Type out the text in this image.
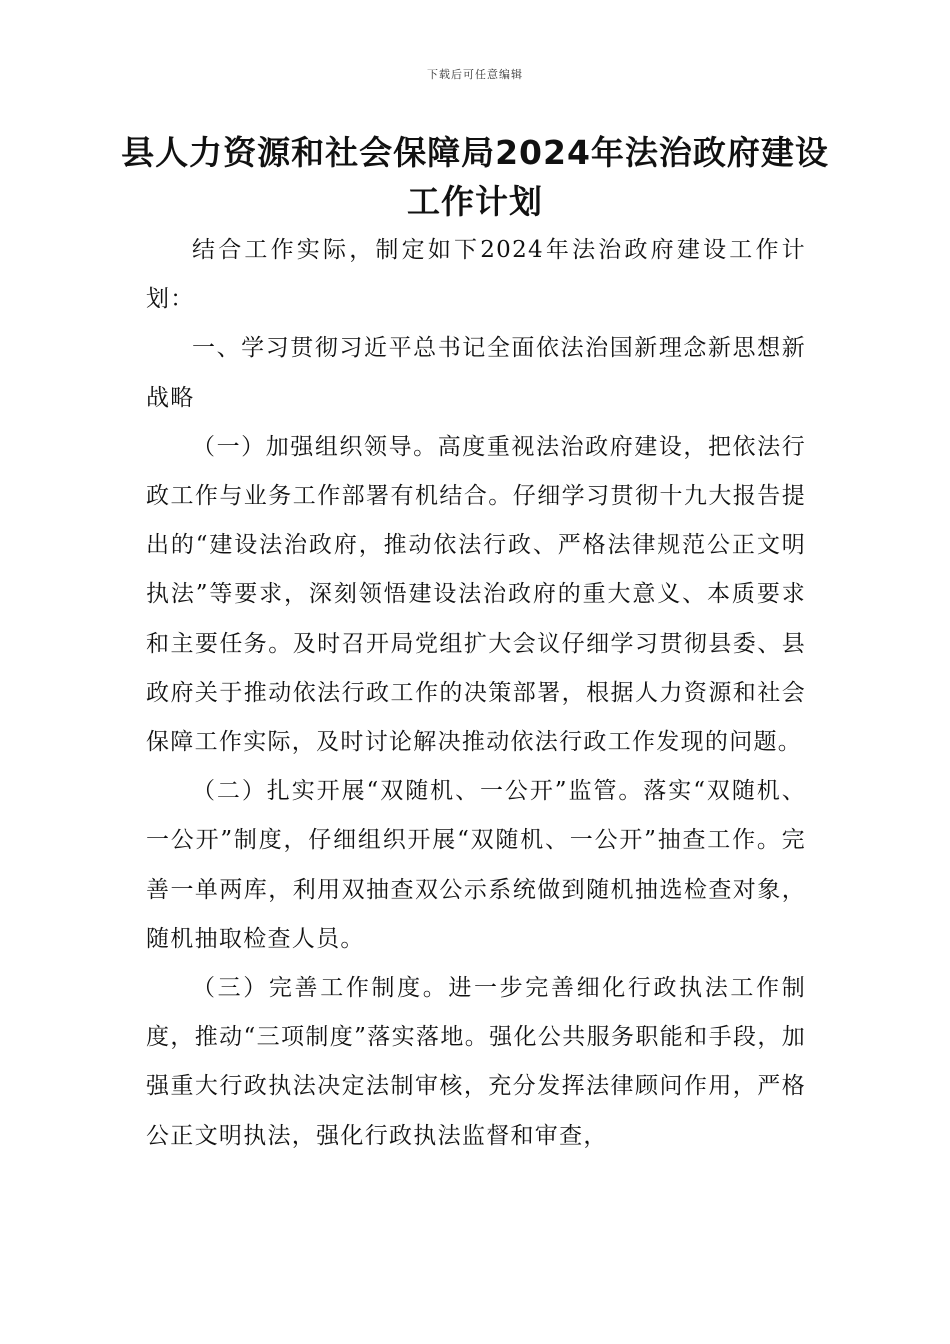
下载后可任意编辑
县人力资源和社会保障局2024年法治政府建设工作计划

结合工作实际，制定如下2024年法治政府建设工作计划：

一、学习贯彻习近平总书记全面依法治国新理念新思想新战略

（一）加强组织领导。高度重视法治政府建设，把依法行政工作与业务工作部署有机结合。仔细学习贯彻十九大报告提出的“建设法治政府，推动依法行政、严格法律规范公正文明执法”等要求，深刻领悟建设法治政府的重大意义、本质要求和主要任务。及时召开局党组扩大会议仔细学习贯彻县委、县政府关于推动依法行政工作的决策部署，根据人力资源和社会保障工作实际，及时讨论解决推动依法行政工作发现的问题。

（二）扎实开展“双随机、一公开”监管。落实“双随机、一公开”制度，仔细组织开展“双随机、一公开”抽查工作。完善一单两库，利用双抽查双公示系统做到随机抽选检查对象，随机抽取检查人员。

（三）完善工作制度。进一步完善细化行政执法工作制度，推动“三项制度”落实落地。强化公共服务职能和手段，加强重大行政执法决定法制审核，充分发挥法律顾问作用，严格公正文明执法，强化行政执法监督和审查，
